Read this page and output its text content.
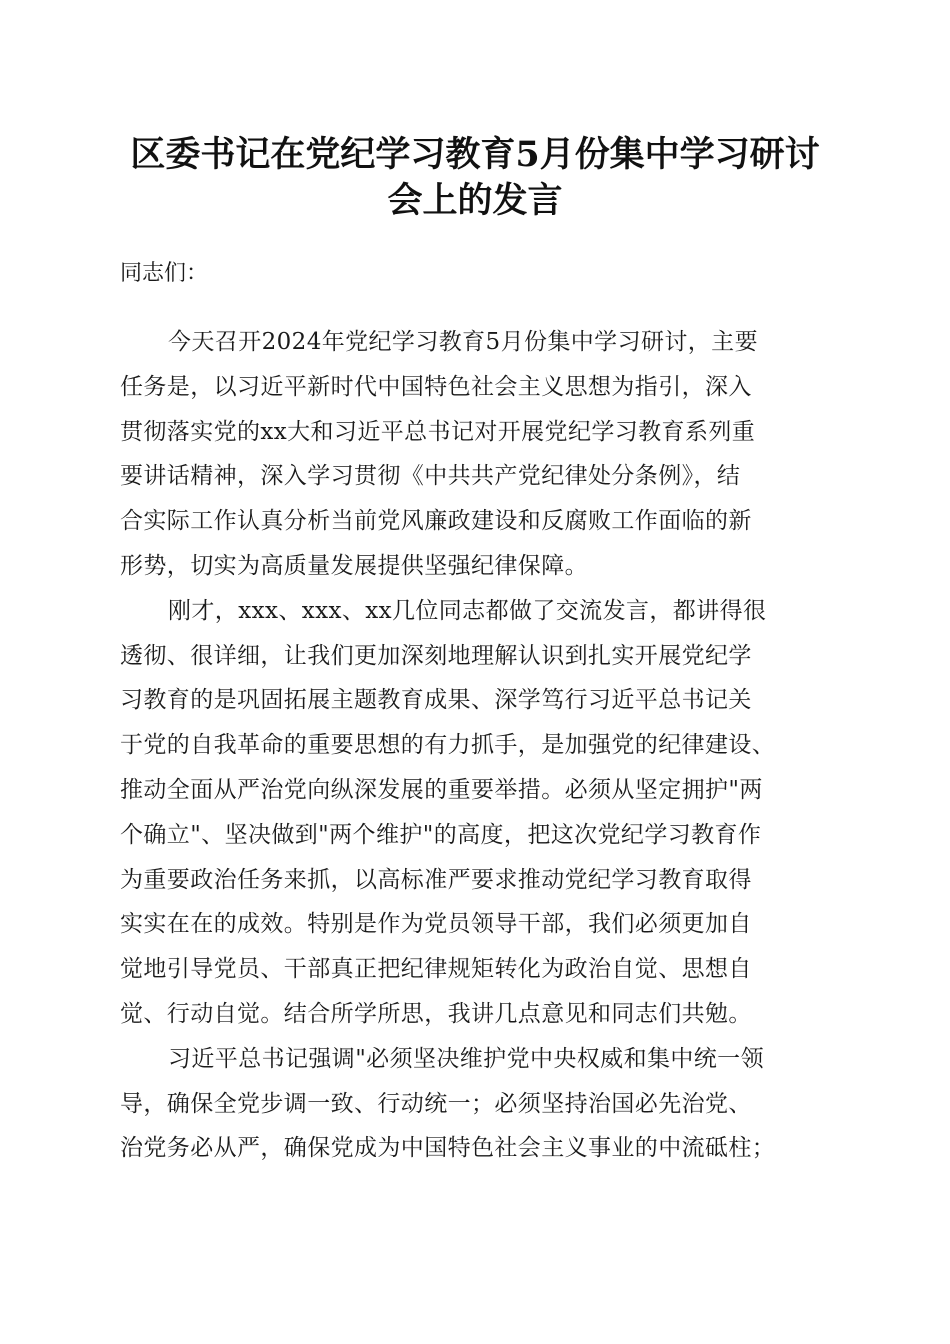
区委书记在党纪学习教育5月份集中学习研讨
会上的发言

同志们：

今天召开2024年党纪学习教育5月份集中学习研讨，主要
任务是，以习近平新时代中国特色社会主义思想为指引，深入
贯彻落实党的xx大和习近平总书记对开展党纪学习教育系列重
要讲话精神，深入学习贯彻《中共共产党纪律处分条例》，结
合实际工作认真分析当前党风廉政建设和反腐败工作面临的新
形势，切实为高质量发展提供坚强纪律保障。

刚才，xxx、xxx、xx几位同志都做了交流发言，都讲得很
透彻、很详细，让我们更加深刻地理解认识到扎实开展党纪学
习教育的是巩固拓展主题教育成果、深学笃行习近平总书记关
于党的自我革命的重要思想的有力抓手，是加强党的纪律建设、
推动全面从严治党向纵深发展的重要举措。必须从坚定拥护"两
个确立"、坚决做到"两个维护"的高度，把这次党纪学习教育作
为重要政治任务来抓，以高标准严要求推动党纪学习教育取得
实实在在的成效。特别是作为党员领导干部，我们必须更加自
觉地引导党员、干部真正把纪律规矩转化为政治自觉、思想自
觉、行动自觉。结合所学所思，我讲几点意见和同志们共勉。

习近平总书记强调"必须坚决维护党中央权威和集中统一领
导，确保全党步调一致、行动统一；必须坚持治国必先治党、
治党务必从严，确保党成为中国特色社会主义事业的中流砥柱；
